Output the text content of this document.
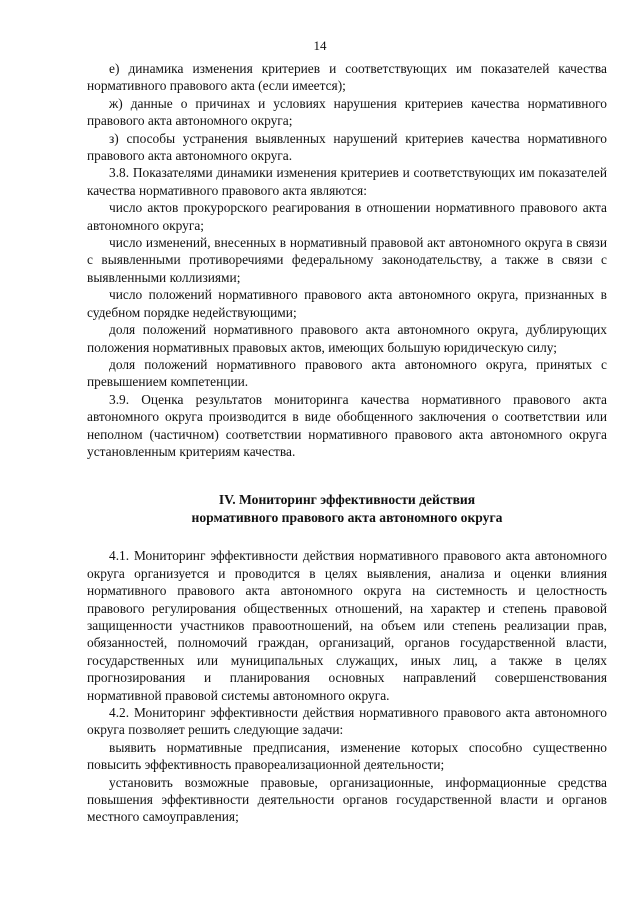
14

е) динамика изменения критериев и соответствующих им показателей качества нормативного правового акта (если имеется);

ж) данные о причинах и условиях нарушения критериев качества нормативного правового акта автономного округа;

з) способы устранения выявленных нарушений критериев качества нормативного правового акта автономного округа.

3.8. Показателями динамики изменения критериев и соответствующих им показателей качества нормативного правового акта являются:

число актов прокурорского реагирования в отношении нормативного правового акта автономного округа;

число изменений, внесенных в нормативный правовой акт автономного округа в связи с выявленными противоречиями федеральному законодательству, а также в связи с выявленными коллизиями;

число положений нормативного правового акта автономного округа, признанных в судебном порядке недействующими;

доля положений нормативного правового акта автономного округа, дублирующих положения нормативных правовых актов, имеющих большую юридическую силу;

доля положений нормативного правового акта автономного округа, принятых с превышением компетенции.

3.9. Оценка результатов мониторинга качества нормативного правового акта автономного округа производится в виде обобщенного заключения о соответствии или неполном (частичном) соответствии нормативного правового акта автономного округа установленным критериям качества.

IV. Мониторинг эффективности действия
нормативного правового акта автономного округа

4.1. Мониторинг эффективности действия нормативного правового акта автономного округа организуется и проводится в целях выявления, анализа и оценки влияния нормативного правового акта автономного округа на системность и целостность правового регулирования общественных отношений, на характер и степень правовой защищенности участников правоотношений, на объем или степень реализации прав, обязанностей, полномочий граждан, организаций, органов государственной власти, государственных или муниципальных служащих, иных лиц, а также в целях прогнозирования и планирования основных направлений совершенствования нормативной правовой системы автономного округа.

4.2. Мониторинг эффективности действия нормативного правового акта автономного округа позволяет решить следующие задачи:

выявить нормативные предписания, изменение которых способно существенно повысить эффективность правореализационной деятельности;

установить возможные правовые, организационные, информационные средства повышения эффективности деятельности органов государственной власти и органов местного самоуправления;
